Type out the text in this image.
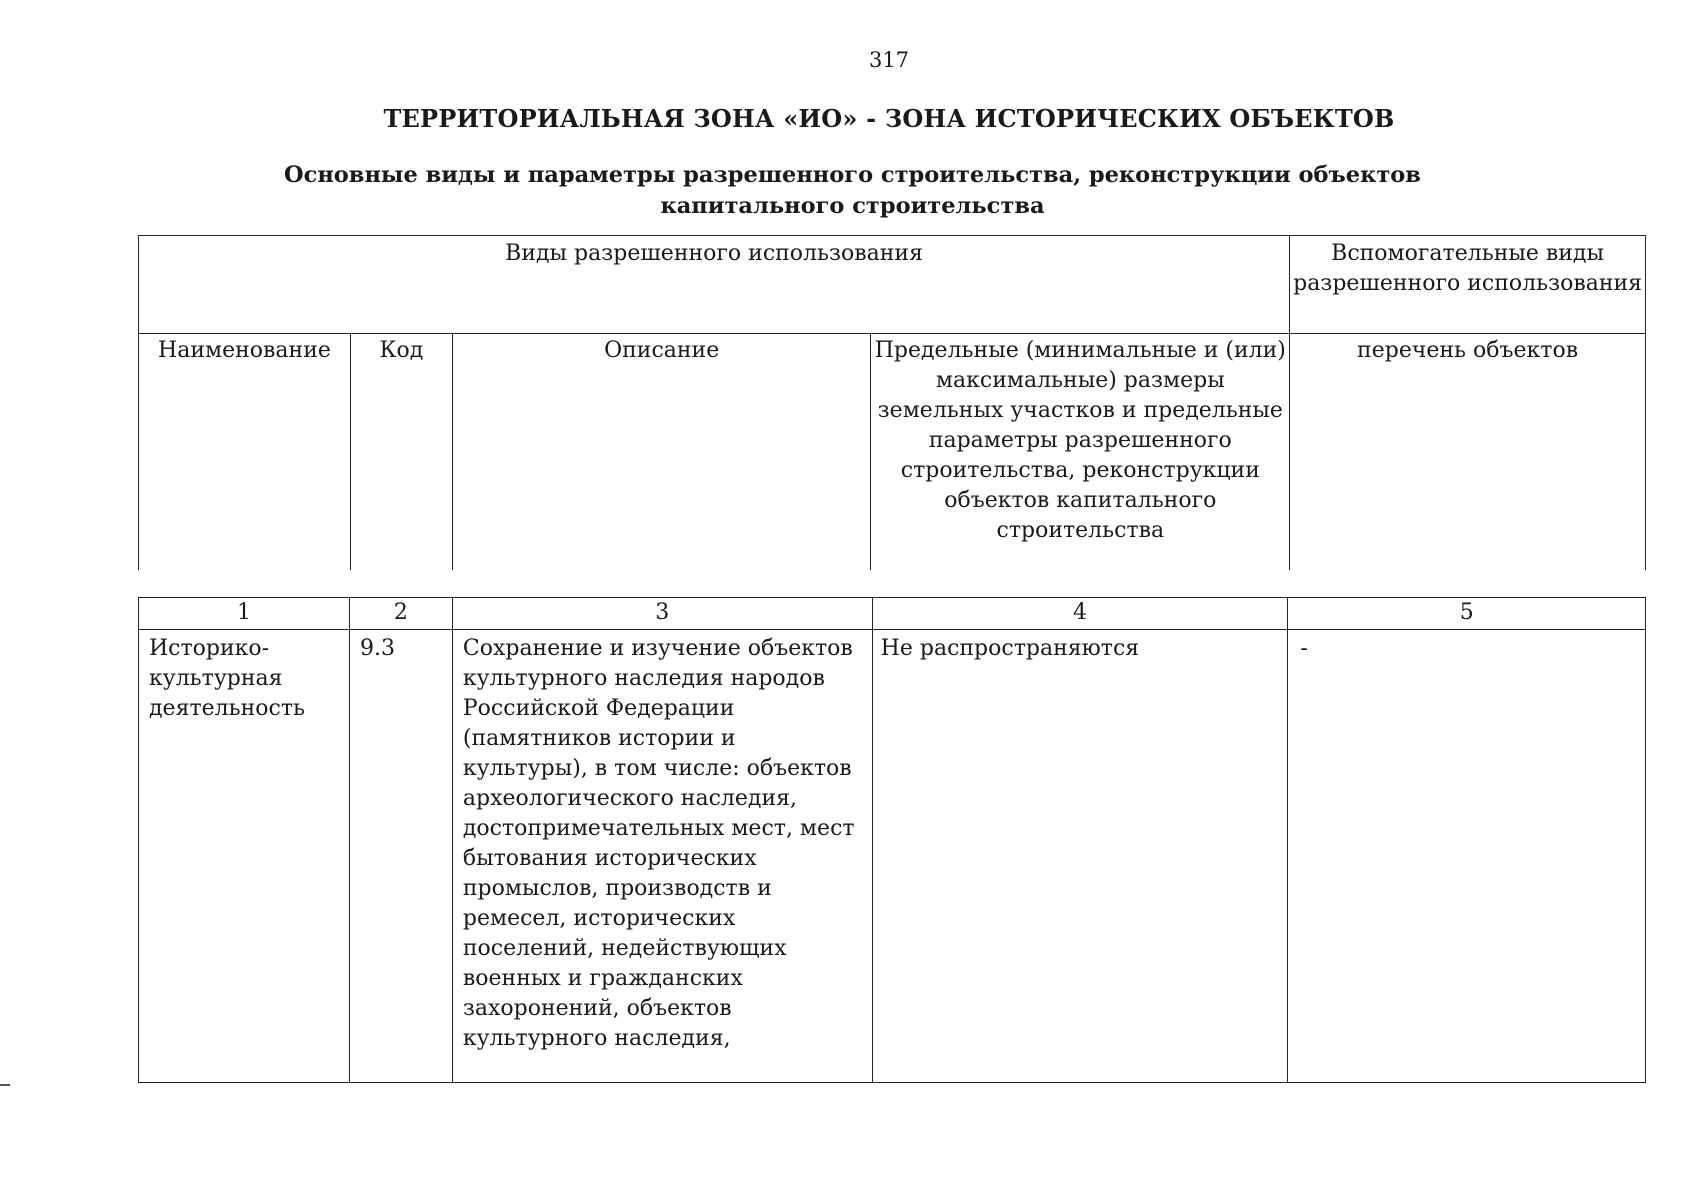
317
ТЕРРИТОРИАЛЬНАЯ ЗОНА «ИО» - ЗОНА ИСТОРИЧЕСКИХ ОБЪЕКТОВ
Основные виды и параметры разрешенного строительства, реконструкции объектов капитального строительства
Виды разрешенного использования				Вспомогательные виды разрешенного использования

Наименование	Код	Описание	Предельные (минимальные и (или) максимальные) размеры земельных участков и предельные параметры разрешенного строительства, реконструкции объектов капитального строительства	перечень объектов
1	2	3	4	5

Историко-культурная деятельность	9.3	Сохранение и изучение объектов культурного наследия народов Российской Федерации (памятников истории и культуры), в том числе: объектов археологического наследия, достопримечательных мест, мест бытования исторических промыслов, производств и ремесел, исторических поселений, недействующих военных и гражданских захоронений, объектов культурного наследия,	Не распространяются	-
